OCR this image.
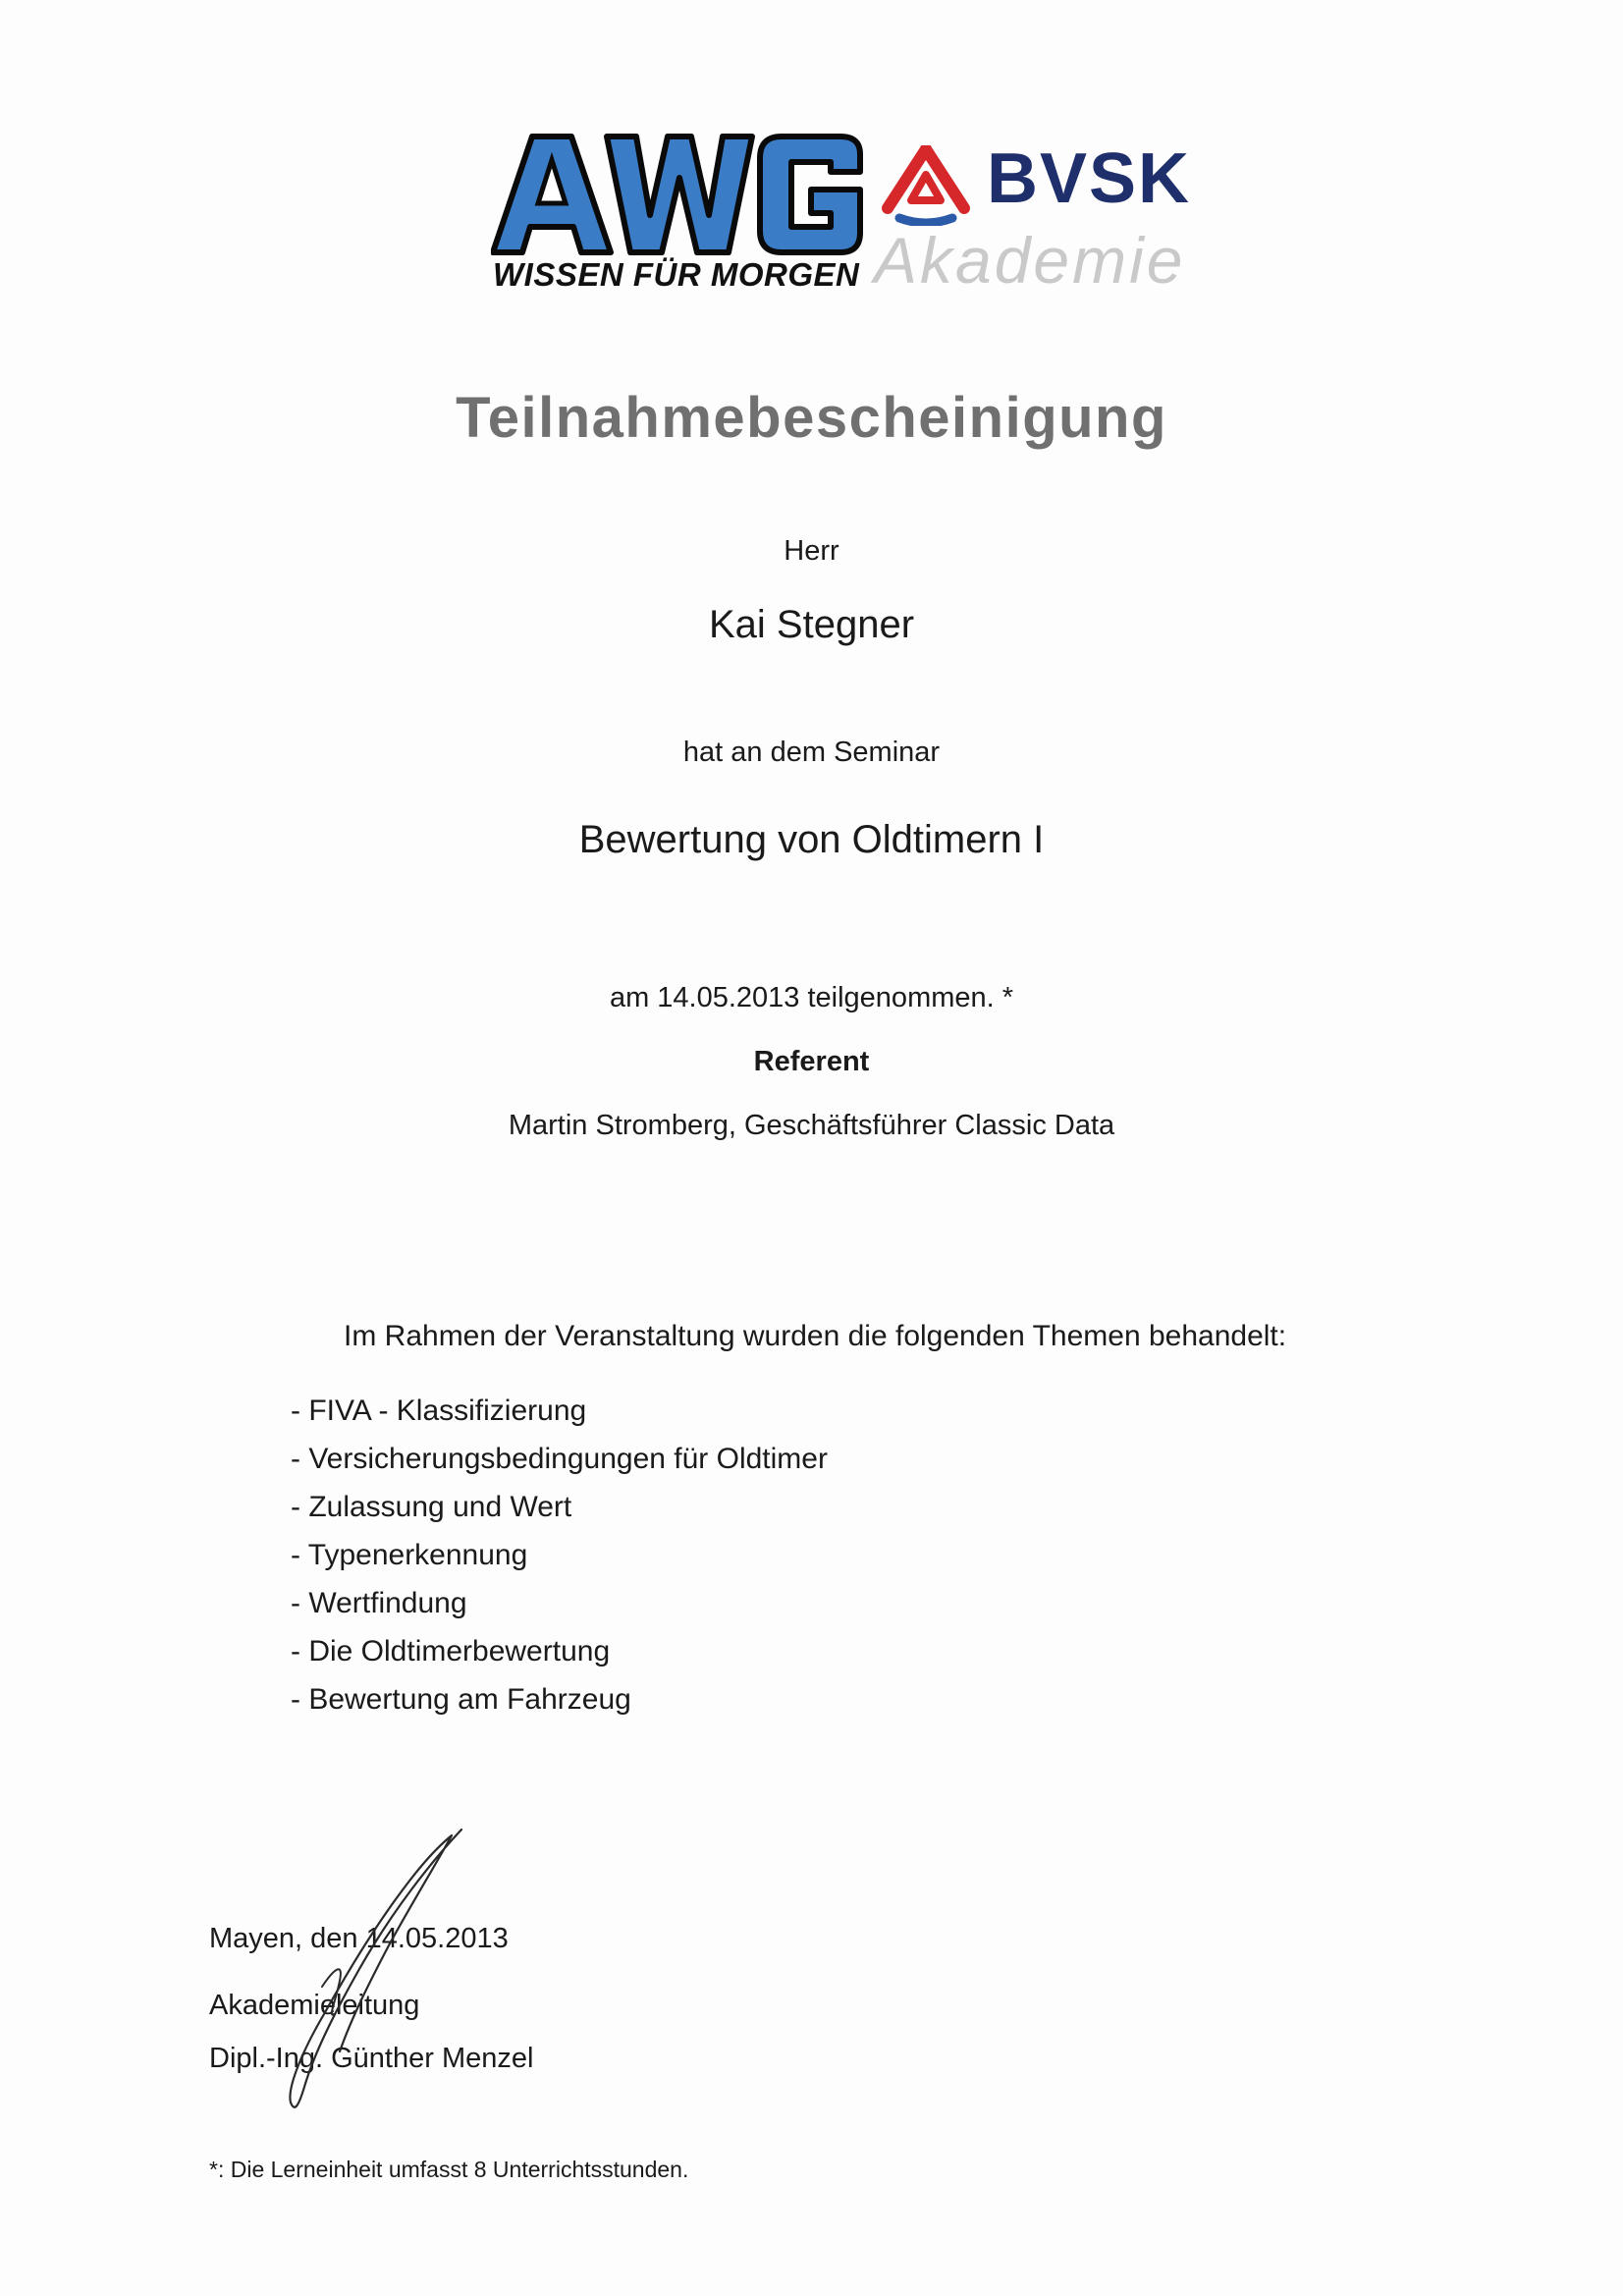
WISSEN FÜR MORGEN
BVSK
Akademie
Teilnahmebescheinigung
Herr
Kai Stegner
hat an dem Seminar
Bewertung von Oldtimern I
am 14.05.2013 teilgenommen. *
Referent
Martin Stromberg, Geschäftsführer Classic Data
Im Rahmen der Veranstaltung wurden die folgenden Themen behandelt:
- FIVA - Klassifizierung
- Versicherungsbedingungen für Oldtimer
- Zulassung und Wert
- Typenerkennung
- Wertfindung
- Die Oldtimerbewertung
- Bewertung am Fahrzeug
Mayen, den 14.05.2013
Akademieleitung
Dipl.-Ing. Günther Menzel
*: Die Lerneinheit umfasst 8 Unterrichtsstunden.
